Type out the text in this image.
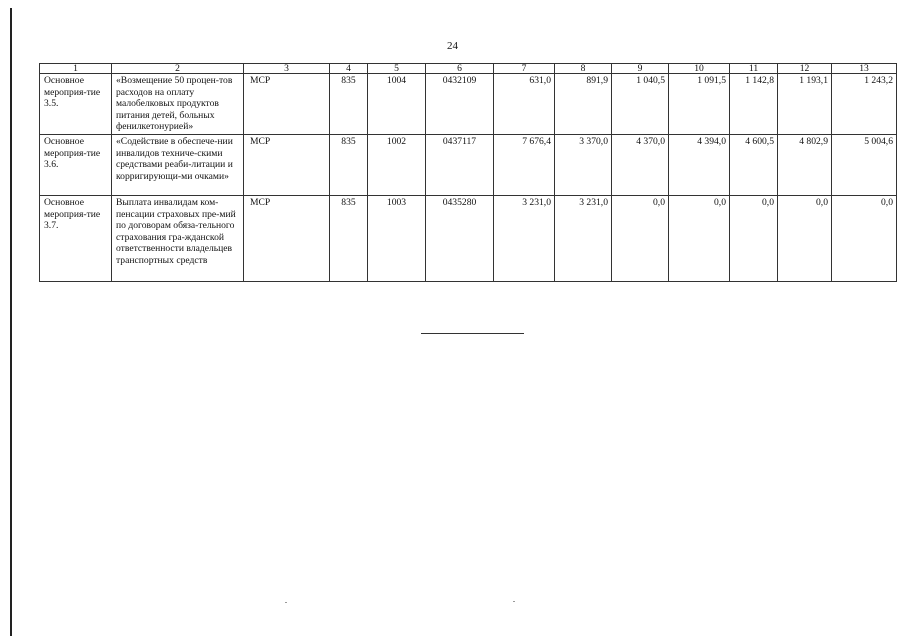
24
1	2	3	4	5	6	7	8	9	10	11	12	13
Основное мероприя-тие 3.5.	«Возмещение 50 процен-тов расходов на оплату малобелковых продуктов питания детей, больных фенилкетонурией»	МСР	835	1004	0432109	631,0	891,9	1 040,5	1 091,5	1 142,8	1 193,1	1 243,2
Основное мероприя-тие 3.6.	«Содействие в обеспече-нии инвалидов техниче-скими средствами реаби-литации и корригирующи-ми очками»	МСР	835	1002	0437117	7 676,4	3 370,0	4 370,0	4 394,0	4 600,5	4 802,9	5 004,6
Основное мероприя-тие 3.7.	Выплата инвалидам ком-пенсации страховых пре-мий по договорам обяза-тельного страхования гра-жданской ответственности владельцев транспортных средств	МСР	835	1003	0435280	3 231,0	3 231,0	0,0	0,0	0,0	0,0	0,0
